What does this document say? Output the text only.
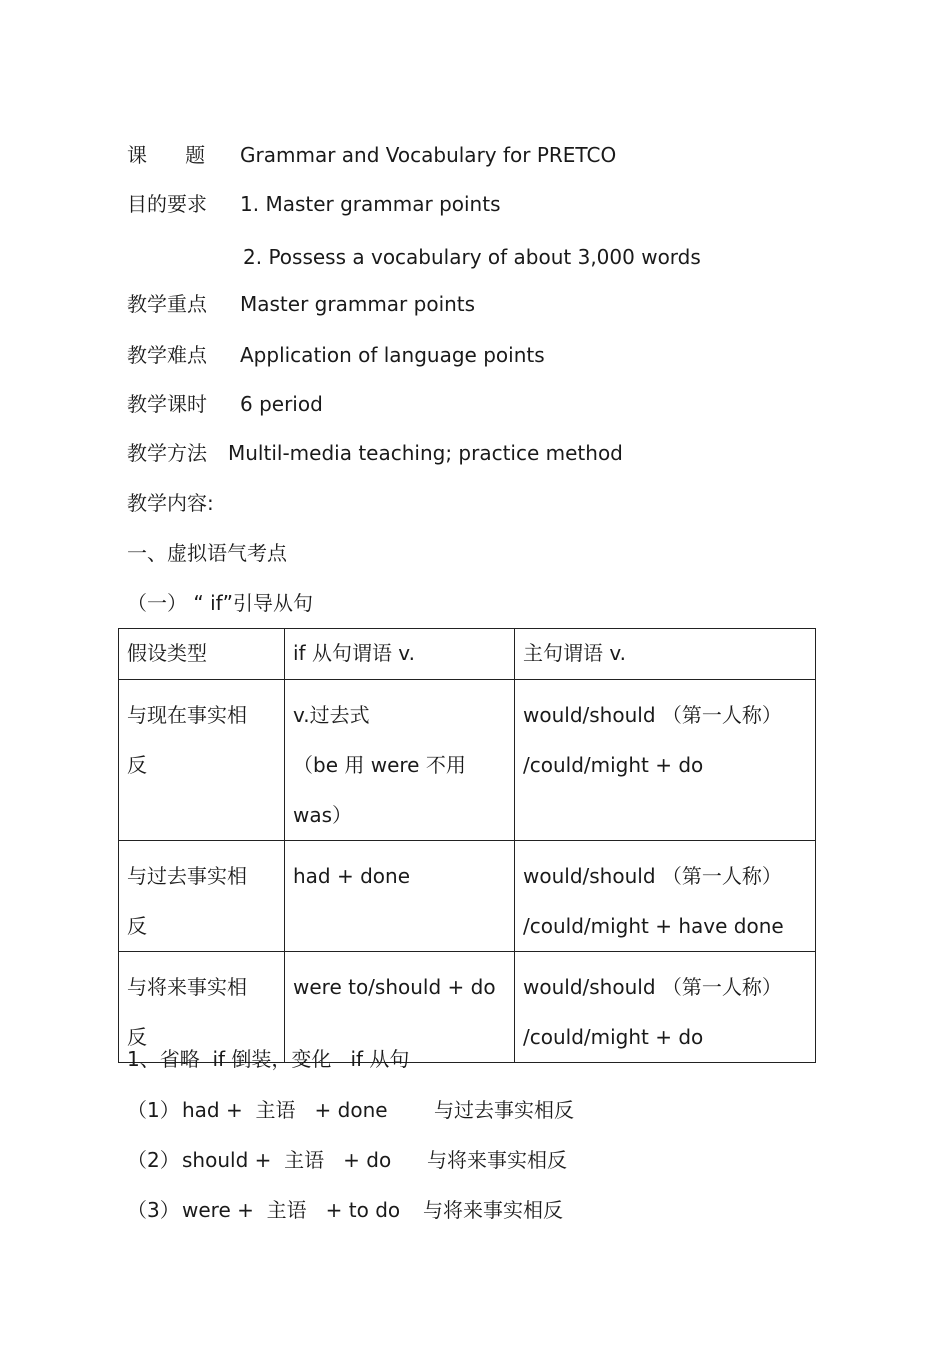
课      题 Grammar and Vocabulary for PRETCO
目的要求 1. Master grammar points
2. Possess a vocabulary of about 3,000 words
教学重点 Master grammar points
教学难点 Application of language points
教学课时 6 period
教学方法 Multil-media teaching; practice method
教学内容:
一、虚拟语气考点
（一） “ if”引导从句
假设类型	if 从句谓语 v.	主句谓语 v.

与现在事实相
反	v.过去式
（be 用 were 不用
was）	would/should （第一人称）
/could/might + do

与过去事实相
反	had + done	would/should （第一人称）
/could/might + have done

与将来事实相
反	were to/should + do	would/should （第一人称）
/could/might + do
1、省略  if 倒装，变化   if 从句
（1） had +  主语   + done 与过去事实相反
（2） should +  主语   + do 与将来事实相反
（3） were +  主语   + to do 与将来事实相反
